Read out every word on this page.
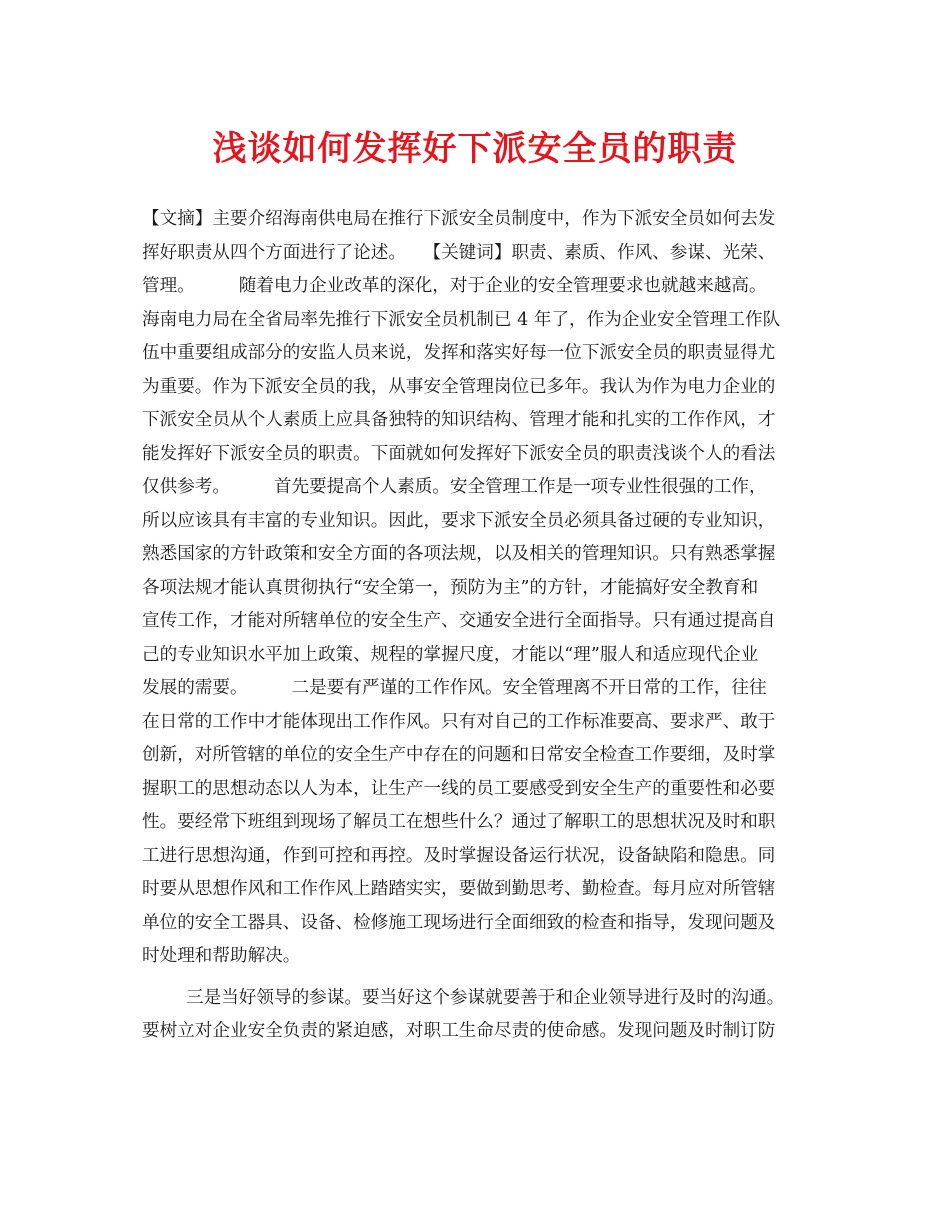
浅谈如何发挥好下派安全员的职责
【文摘】主要介绍海南供电局在推行下派安全员制度中，作为下派安全员如何去发
挥好职责从四个方面进行了论述。　　【关键词】职责、素质、作风、参谋、光荣、
管理。　　　随着电力企业改革的深化，对于企业的安全管理要求也就越来越高。
海南电力局在全省局率先推行下派安全员机制已 4 年了，作为企业安全管理工作队
伍中重要组成部分的安监人员来说，发挥和落实好每一位下派安全员的职责显得尤
为重要。作为下派安全员的我，从事安全管理岗位已多年。我认为作为电力企业的
下派安全员从个人素质上应具备独特的知识结构、管理才能和扎实的工作作风，才
能发挥好下派安全员的职责。下面就如何发挥好下派安全员的职责浅谈个人的看法
仅供参考。　　　首先要提高个人素质。安全管理工作是一项专业性很强的工作，
所以应该具有丰富的专业知识。因此，要求下派安全员必须具备过硬的专业知识，
熟悉国家的方针政策和安全方面的各项法规，以及相关的管理知识。只有熟悉掌握
各项法规才能认真贯彻执行“安全第一，预防为主”的方针，才能搞好安全教育和
宣传工作，才能对所辖单位的安全生产、交通安全进行全面指导。只有通过提高自
己的专业知识水平加上政策、规程的掌握尺度，才能以“理”服人和适应现代企业
发展的需要。　　　二是要有严谨的工作作风。安全管理离不开日常的工作，往往
在日常的工作中才能体现出工作作风。只有对自己的工作标准要高、要求严、敢于
创新，对所管辖的单位的安全生产中存在的问题和日常安全检查工作要细，及时掌
握职工的思想动态以人为本，让生产一线的员工要感受到安全生产的重要性和必要
性。要经常下班组到现场了解员工在想些什么？通过了解职工的思想状况及时和职
工进行思想沟通，作到可控和再控。及时掌握设备运行状况，设备缺陷和隐患。同
时要从思想作风和工作作风上踏踏实实，要做到勤思考、勤检查。每月应对所管辖
单位的安全工器具、设备、检修施工现场进行全面细致的检查和指导，发现问题及
时处理和帮助解决。
三是当好领导的参谋。要当好这个参谋就要善于和企业领导进行及时的沟通。
要树立对企业安全负责的紧迫感，对职工生命尽责的使命感。发现问题及时制订防
